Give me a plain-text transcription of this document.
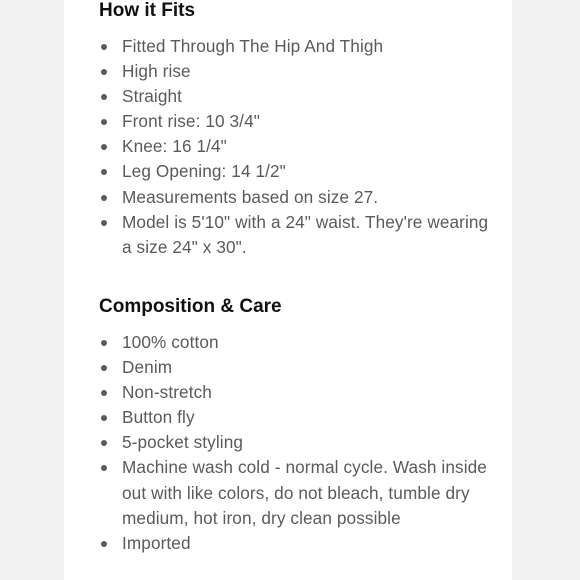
How it Fits
Fitted Through The Hip And Thigh
High rise
Straight
Front rise: 10 3/4"
Knee: 16 1/4"
Leg Opening: 14 1/2"
Measurements based on size 27.
Model is 5'10" with a 24" waist. They're wearing a size 24" x 30".
Composition & Care
100% cotton
Denim
Non-stretch
Button fly
5-pocket styling
Machine wash cold - normal cycle. Wash inside out with like colors, do not bleach, tumble dry medium, hot iron, dry clean possible
Imported
